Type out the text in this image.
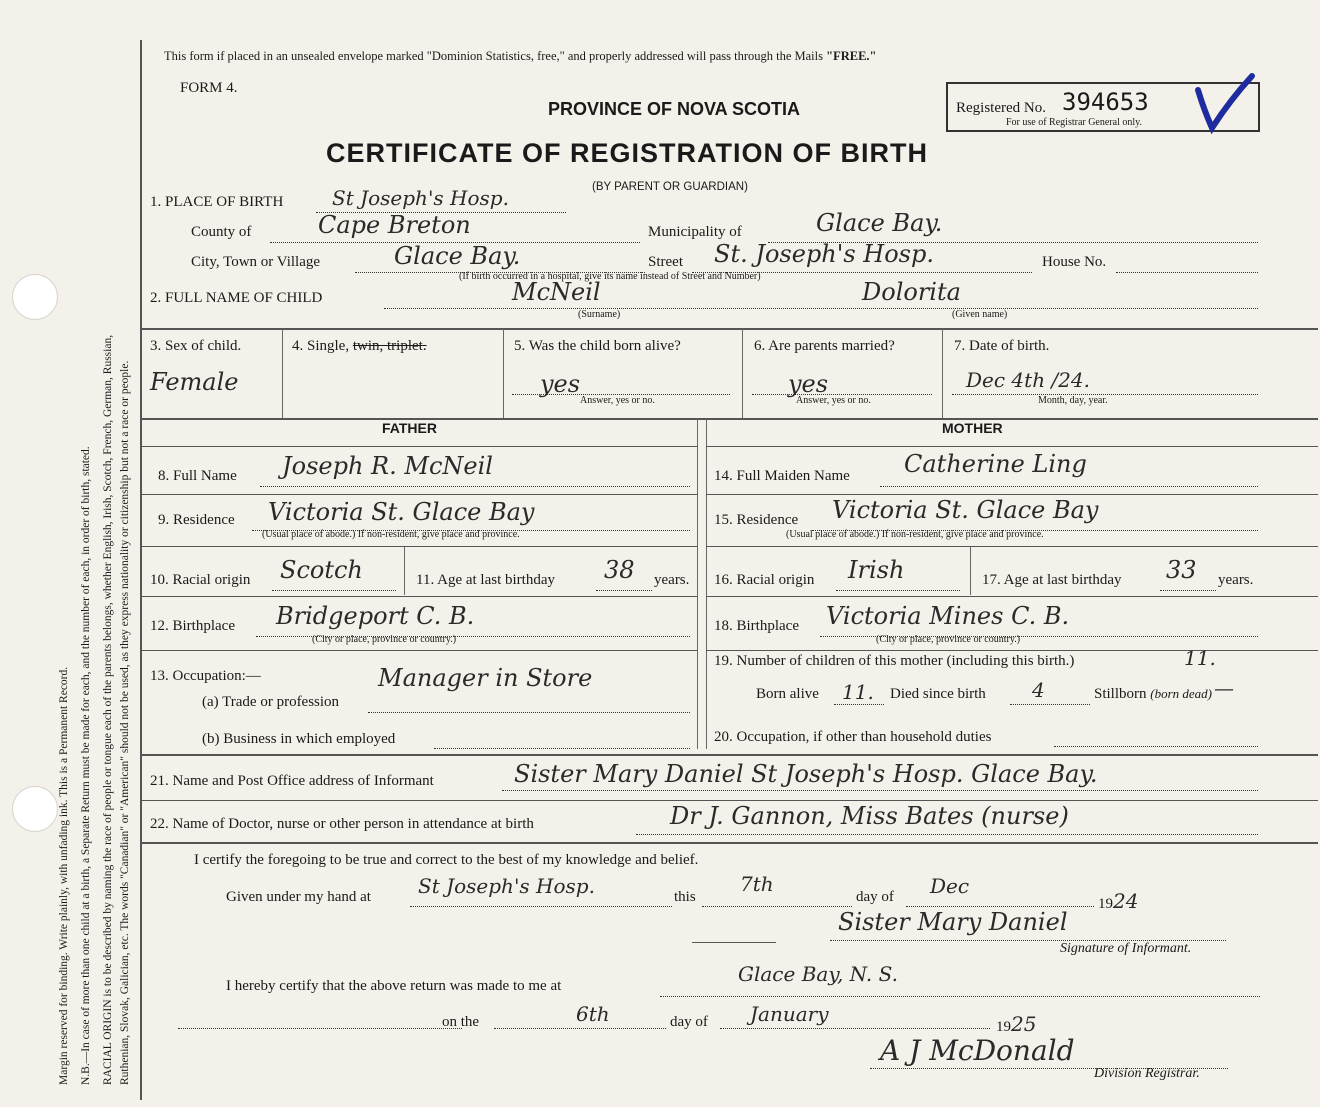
Margin reserved for binding. Write plainly, with unfading ink. This is a Permanent Record. N.B.—In case of more than one child at a birth, a Separate Return must be made for each, and the number of each, in order of birth, stated. RACIAL ORIGIN is to be described by naming the race of people or tongue each of the parents belongs, whether English, Irish, Scotch, French, German, Russian, Ruthenian, Slovak, Galician, etc. The words "Canadian" or "American" should not be used, as they express nationality or citizenship but not a race or people.
This form if placed in an unsealed envelope marked "Dominion Statistics, free," and properly addressed will pass through the Mails "FREE."
FORM 4.
PROVINCE OF NOVA SCOTIA
CERTIFICATE OF REGISTRATION OF BIRTH
(BY PARENT OR GUARDIAN)
Registered No. 394653
For use of Registrar General only.
1. PLACE OF BIRTH St Joseph's Hosp.
County of	Cape Breton	Municipality of	Glace Bay.
City, Town or Village	Glace Bay.	Street St. Joseph's Hosp.	House No.
(If birth occurred in a hospital, give its name instead of Street and Number)
2. FULL NAME OF CHILD	McNeil	Dolorita
(Surname)	(Given name)
3. Sex of child.
Female
4. Single, twin, triplet.	5. Was the child born alive?
yes
Answer, yes or no.
6. Are parents married?
yes
Answer, yes or no.
7. Date of birth.
Dec 4th /24.
Month, day, year.
FATHER	MOTHER
8. Full Name Joseph R. McNeil
9. Residence Victoria St. Glace Bay
(Usual place of abode.) If non-resident, give place and province.
10. Racial origin Scotch	11. Age at last birthday 38 years.
12. Birthplace Bridgeport C. B.
(City or place, province or country.)
13. Occupation:—
(a) Trade or profession
Manager in Store
(b) Business in which employed
14. Full Maiden Name Catherine Ling
15. Residence Victoria St. Glace Bay
(Usual place of abode.) If non-resident, give place and province.
16. Racial origin Irish	17. Age at last birthday 33 years.
18. Birthplace Victoria Mines C. B.
(City or place, province or country.)
19. Number of children of this mother (including this birth.)	11.
Born alive 11. Died since birth 4	Stillborn (born dead) —
20. Occupation, if other than household duties
21. Name and Post Office address of Informant	Sister Mary Daniel St Joseph's Hosp. Glace Bay.
22. Name of Doctor, nurse or other person in attendance at birth	Dr J. Gannon, Miss Bates (nurse)
I certify the foregoing to be true and correct to the best of my knowledge and belief.
Given under my hand at St Joseph's Hosp.	this
7th
day of Dec
1924
Sister Mary Daniel
Signature of Informant.
I hereby certify that the above return was made to me at	Glace Bay, N. S.
on the	6th	day of January
1925
A J McDonald
Division Registrar.
